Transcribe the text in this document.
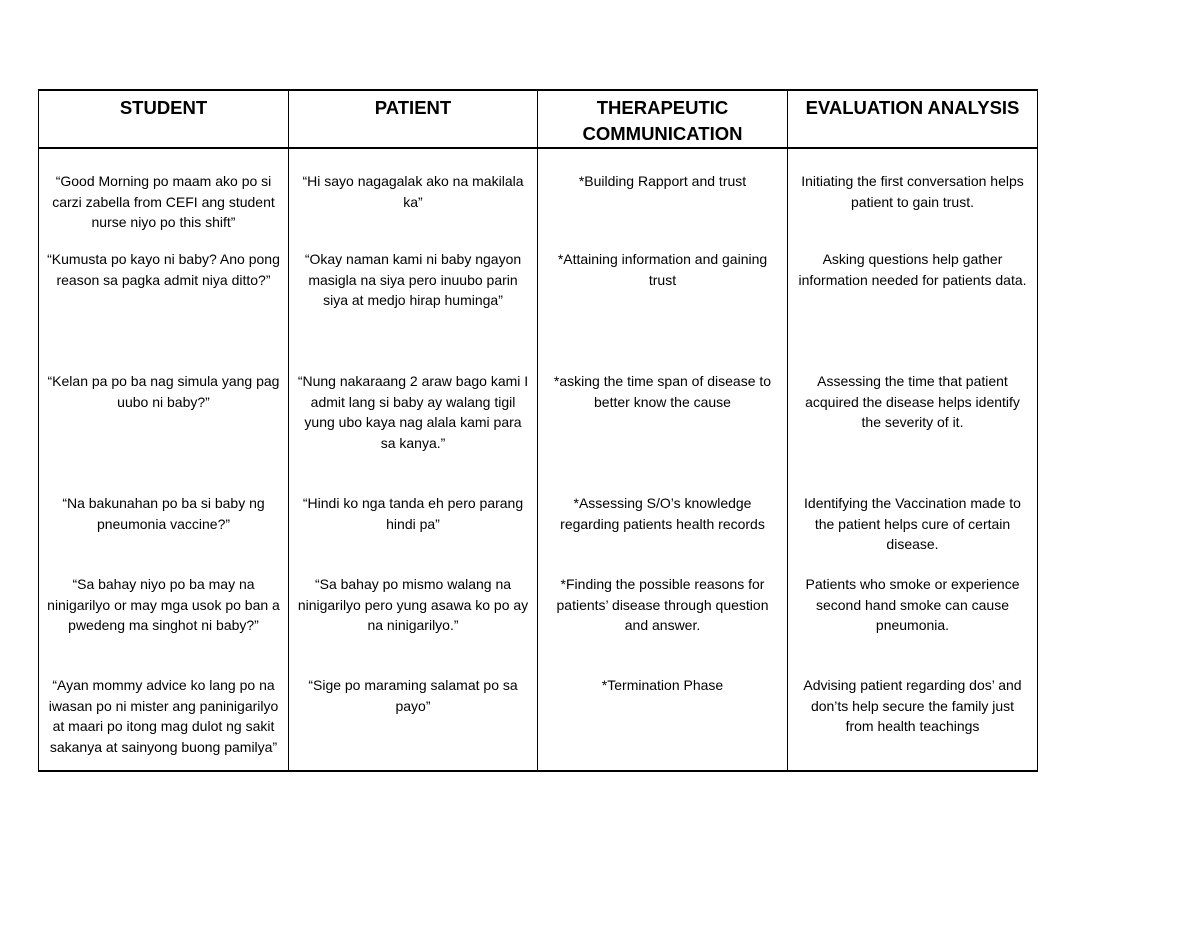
STUDENT	PATIENT	THERAPEUTIC COMMUNICATION	EVALUATION ANALYSIS
“Good Morning po maam ako po si carzi zabella from CEFI ang student nurse niyo po this shift”	“Hi sayo nagagalak ako na makilala ka”	*Building Rapport and trust	Initiating the first conversation helps patient to gain trust.
“Kumusta po kayo ni baby? Ano pong reason sa pagka admit niya ditto?”	“Okay naman kami ni baby ngayon masigla na siya pero inuubo parin siya at medjo hirap huminga”	*Attaining information and gaining trust	Asking questions help gather information needed for patients data.
“Kelan pa po ba nag simula yang pag uubo ni baby?”	“Nung nakaraang 2 araw bago kami I admit lang si baby ay walang tigil yung ubo kaya nag alala kami para sa kanya.”	*asking the time span of disease to better know the cause	Assessing the time that patient acquired the disease helps identify the severity of it.
“Na bakunahan po ba si baby ng pneumonia vaccine?”	“Hindi ko nga tanda eh pero parang hindi pa”	*Assessing S/O’s knowledge regarding patients health records	Identifying the Vaccination made to the patient helps cure of certain disease.
“Sa bahay niyo po ba may na ninigarilyo or may mga usok po ban a pwedeng ma singhot ni baby?”	“Sa bahay po mismo walang na ninigarilyo pero yung asawa ko po ay na ninigarilyo.”	*Finding the possible reasons for patients’ disease through question and answer.	Patients who smoke or experience second hand smoke can cause pneumonia.
“Ayan mommy advice ko lang po na iwasan po ni mister ang paninigarilyo at maari po itong mag dulot ng sakit sakanya at sainyong buong pamilya”	“Sige po maraming salamat po sa payo”	*Termination Phase	Advising patient regarding dos’ and don’ts help secure the family just from health teachings
